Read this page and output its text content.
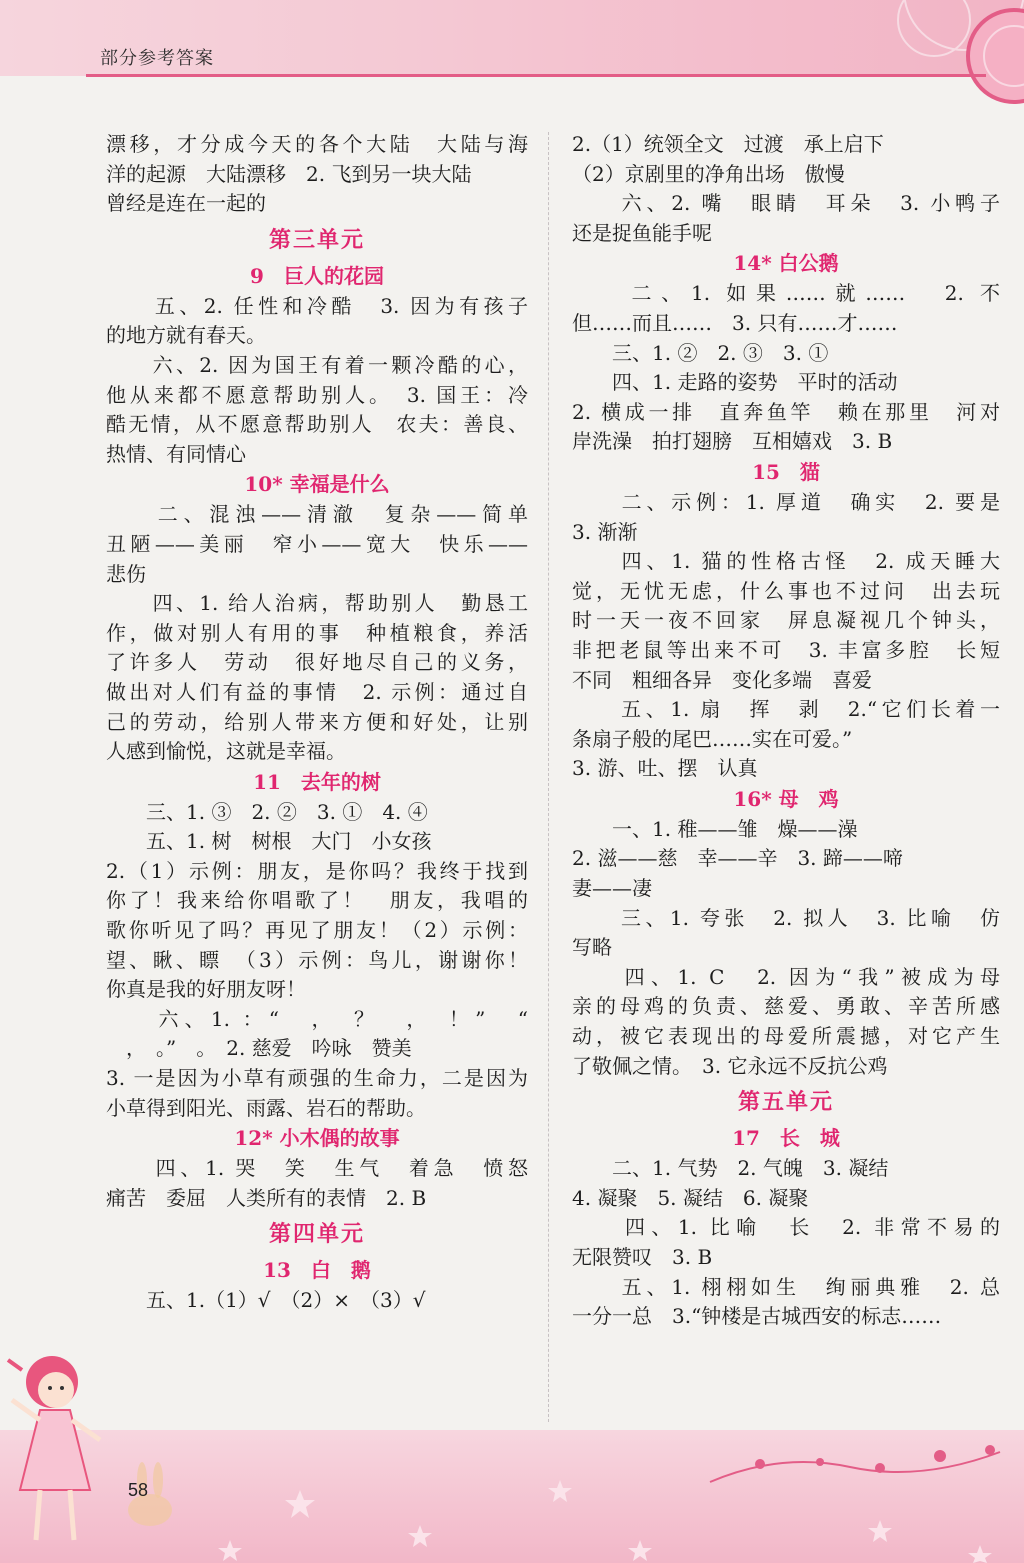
部分参考答案
漂移，才分成今天的各个大陆　大陆与海
洋的起源　大陆漂移　2. 飞到另一块大陆
曾经是连在一起的
第三单元
9　巨人的花园
　　五、2. 任性和冷酷　3. 因为有孩子
的地方就有春天。
　　六、2. 因为国王有着一颗冷酷的心，
他从来都不愿意帮助别人。　3. 国王：冷
酷无情，从不愿意帮助别人　农夫：善良、
热情、有同情心
10* 幸福是什么
　　二、混浊——清澈　复杂——简单
丑陋——美丽　窄小——宽大　快乐——
悲伤
　　四、1. 给人治病，帮助别人　勤恳工
作，做对别人有用的事　种植粮食，养活
了许多人　劳动　很好地尽自己的义务，
做出对人们有益的事情　2. 示例：通过自
己的劳动，给别人带来方便和好处，让别
人感到愉悦，这就是幸福。
11　去年的树
　　三、1. ③　2. ②　3. ①　4. ④
　　五、1. 树　树根　大门　小女孩
2.（1）示例：朋友，是你吗？我终于找到
你了！我来给你唱歌了！　朋友，我唱的
歌你听见了吗？再见了朋友！（2）示例：
望、瞅、瞟　（3）示例：鸟儿，谢谢你！
你真是我的好朋友呀！
　　六、1. ：“　，　？　，　！”　“
　，　。”　。　2. 慈爱　吟咏　赞美
3. 一是因为小草有顽强的生命力，二是因为
小草得到阳光、雨露、岩石的帮助。
12* 小木偶的故事
　　四、1. 哭　笑　生气　着急　愤怒
痛苦　委屈　人类所有的表情　2. B
第四单元
13　白　鹅
　　五、1.（1）√　（2）×　（3）√
2.（1）统领全文　过渡　承上启下
（2）京剧里的净角出场　傲慢
　　六、2. 嘴　眼睛　耳朵　3. 小鸭子
还是捉鱼能手呢
14* 白公鹅
　　二、1. 如果……就……　2. 不
但……而且……　3. 只有……才……
　　三、1. ②　2. ③　3. ①
　　四、1. 走路的姿势　平时的活动
2. 横成一排　直奔鱼竿　赖在那里　河对
岸洗澡　拍打翅膀　互相嬉戏　3. B
15　猫
　　二、示例：1. 厚道　确实　2. 要是
3. 渐渐
　　四、1. 猫的性格古怪　2. 成天睡大
觉，无忧无虑，什么事也不过问　出去玩
时一天一夜不回家　屏息凝视几个钟头，
非把老鼠等出来不可　3. 丰富多腔　长短
不同　粗细各异　变化多端　喜爱
　　五、1. 扇　挥　剥　2.“它们长着一
条扇子般的尾巴……实在可爱。”
3. 游、吐、摆　认真
16* 母　鸡
　　一、1. 稚——雏　燥——澡
2. 滋——慈　幸——辛　3. 蹄——啼
妻——凄
　　三、1. 夸张　2. 拟人　3. 比喻　仿
写略
　　四、1. C　2. 因为“我”被成为母
亲的母鸡的负责、慈爱、勇敢、辛苦所感
动，被它表现出的母爱所震撼，对它产生
了敬佩之情。　3. 它永远不反抗公鸡
第五单元
17　长　城
　　二、1. 气势　2. 气魄　3. 凝结
4. 凝聚　5. 凝结　6. 凝聚
　　四、1. 比喻　长　2. 非常不易的
无限赞叹　3. B
　　五、1. 栩栩如生　绚丽典雅　2. 总
一分一总　3.“钟楼是古城西安的标志……
58
